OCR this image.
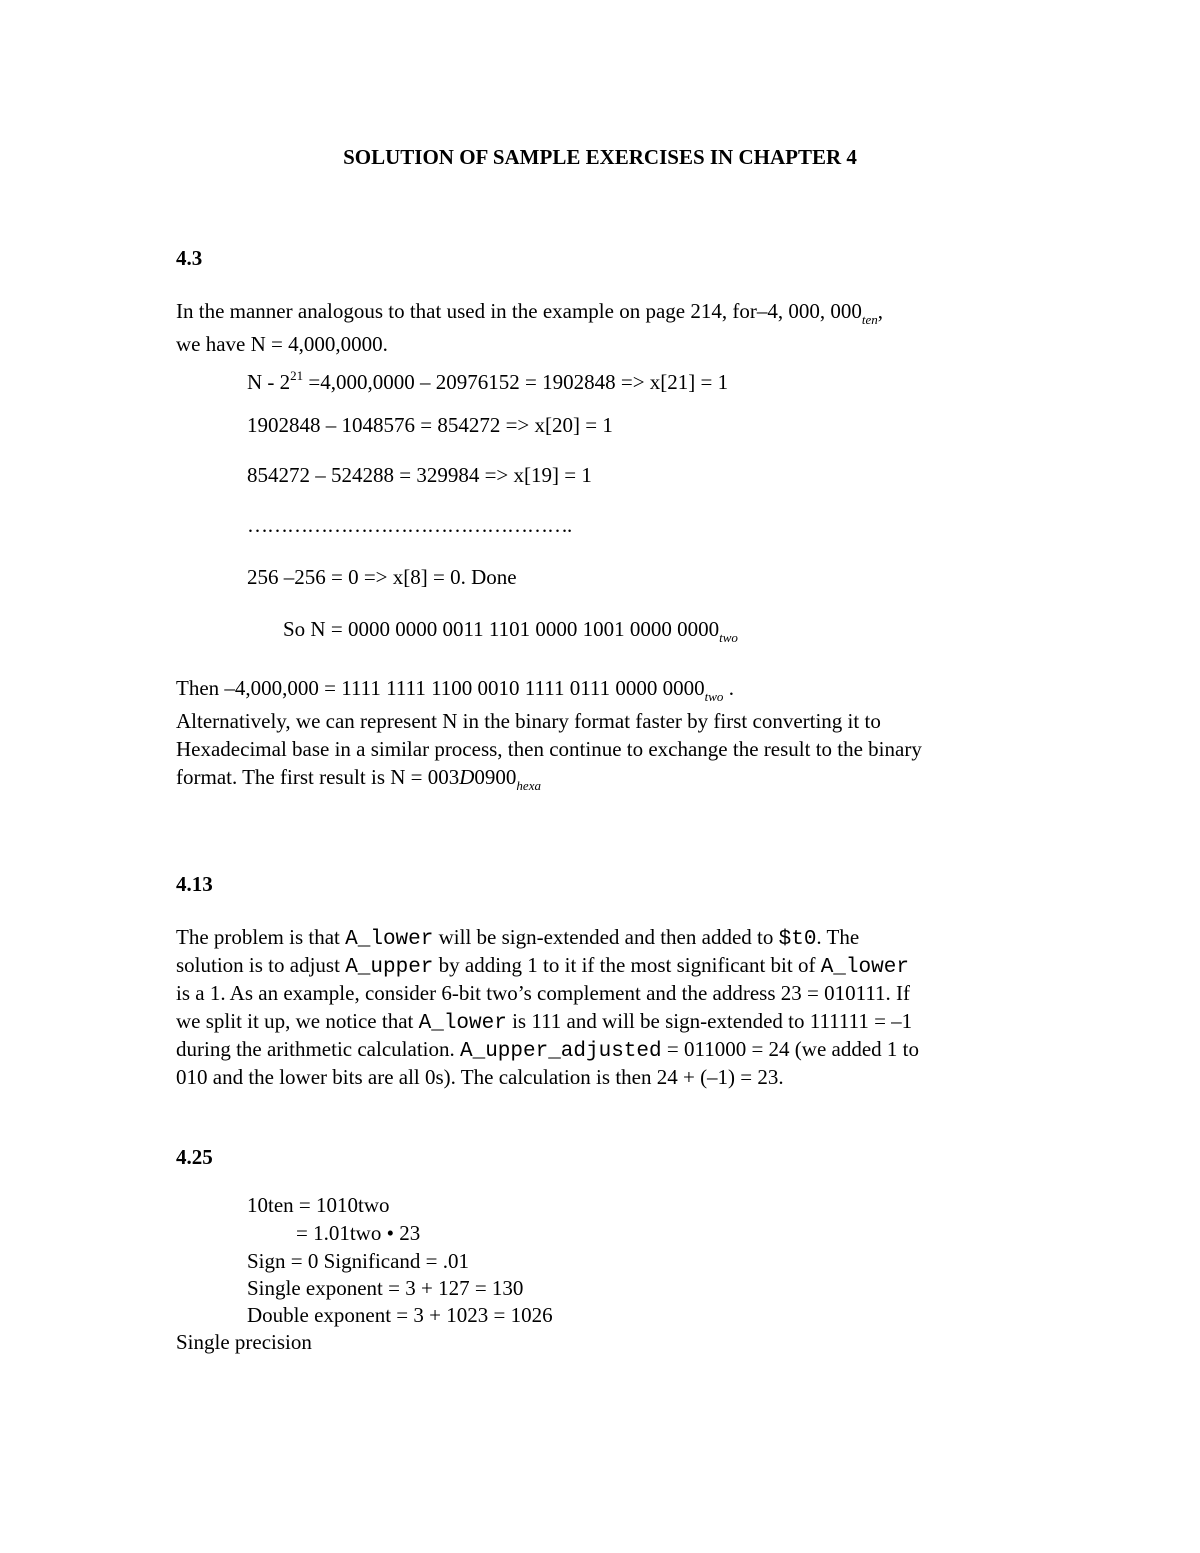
SOLUTION OF SAMPLE EXERCISES IN CHAPTER 4
4.3
In the manner analogous to that used in the example on page 214, for–4, 000, $000_{ten}$,
we have N = 4,000,0000.
$N - 2^{21} =4,000,0000 - 20976152 = 1902848 => x[21] = 1$
1902848 – 1048576 = 854272 => x[20] = 1
854272 – 524288 = 329984 => x[19] = 1
………………………………………….
256 –256 = 0 => x[8] = 0. Done
So N = 0000 0000 0011 1101 0000 1001 0000 $0000_{two}$
Then –4,000,000 = 1111 1111 1100 0010 1111 0111 0000 $0000_{two}$ .
Alternatively, we can represent N in the binary format faster by first converting it to
Hexadecimal base in a similar process, then continue to exchange the result to the binary
format. The first result is $N = 003D0900_{hexa}$
4.13
The problem is that A_lower will be sign-extended and then added to $t0. The
solution is to adjust A_upper by adding 1 to it if the most significant bit of A_lower
is a 1. As an example, consider 6-bit two’s complement and the address 23 = 010111. If
we split it up, we notice that A_lower is 111 and will be sign-extended to 111111 = –1
during the arithmetic calculation. A_upper_adjusted = 011000 = 24 (we added 1 to
010 and the lower bits are all 0s). The calculation is then 24 + (–1) = 23.
4.25
10ten = 1010two
= 1.01two • 23
Sign = 0 Significand = .01
Single exponent = 3 + 127 = 130
Double exponent = 3 + 1023 = 1026
Single precision
